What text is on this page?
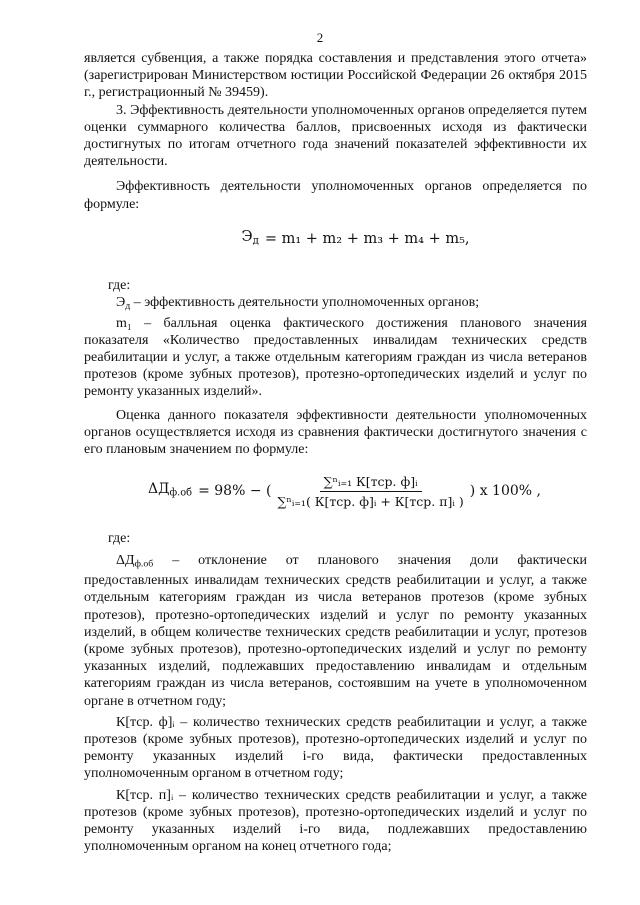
2

является субвенция, а также порядка составления и представления этого отчета» (зарегистрирован Министерством юстиции Российской Федерации 26 октября 2015 г., регистрационный № 39459).

3. Эффективность деятельности уполномоченных органов определяется путем оценки суммарного количества баллов, присвоенных исходя из фактически достигнутых по итогам отчетного года значений показателей эффективности их деятельности.

Эффективность деятельности уполномоченных органов определяется по формуле:

$Э_д = m_1 + m_2 + m_3 + m_4 + m_5$,

где:

$Э_д$ – эффективность деятельности уполномоченных органов;

m₁ – балльная оценка фактического достижения планового значения показателя «Количество предоставленных инвалидам технических средств реабилитации и услуг, а также отдельным категориям граждан из числа ветеранов протезов (кроме зубных протезов), протезно-ортопедических изделий и услуг по ремонту указанных изделий».

Оценка данного показателя эффективности деятельности уполномоченных органов осуществляется исходя из сравнения фактически достигнутого значения с его плановым значением по формуле:

$\Delta Д_{ф.об} = 98\%$ − ( $\frac{\text{∑ⁿᵢ₌₁ К[тср. ф]ᵢ}}{\text{∑ⁿᵢ₌₁( К[тср. ф]ᵢ + К[тср. п]ᵢ )}}$ ) x 100% ,

где:

$\Delta Д_{ф.об}$ – отклонение от планового значения доли фактически предоставленных инвалидам технических средств реабилитации и услуг, а также отдельным категориям граждан из числа ветеранов протезов (кроме зубных протезов), протезно-ортопедических изделий и услуг по ремонту указанных изделий, в общем количестве технических средств реабилитации и услуг, протезов (кроме зубных протезов), протезно-ортопедических изделий и услуг по ремонту указанных изделий, подлежавших предоставлению инвалидам и отдельным категориям граждан из числа ветеранов, состоявшим на учете в уполномоченном органе в отчетном году;

К[тср. ф]ᵢ – количество технических средств реабилитации и услуг, а также протезов (кроме зубных протезов), протезно-ортопедических изделий и услуг по ремонту указанных изделий i-го вида, фактически предоставленных уполномоченным органом в отчетном году;

К[тср. п]ᵢ – количество технических средств реабилитации и услуг, а также протезов (кроме зубных протезов), протезно-ортопедических изделий и услуг по ремонту указанных изделий i-го вида, подлежавших предоставлению уполномоченным органом на конец отчетного года;
